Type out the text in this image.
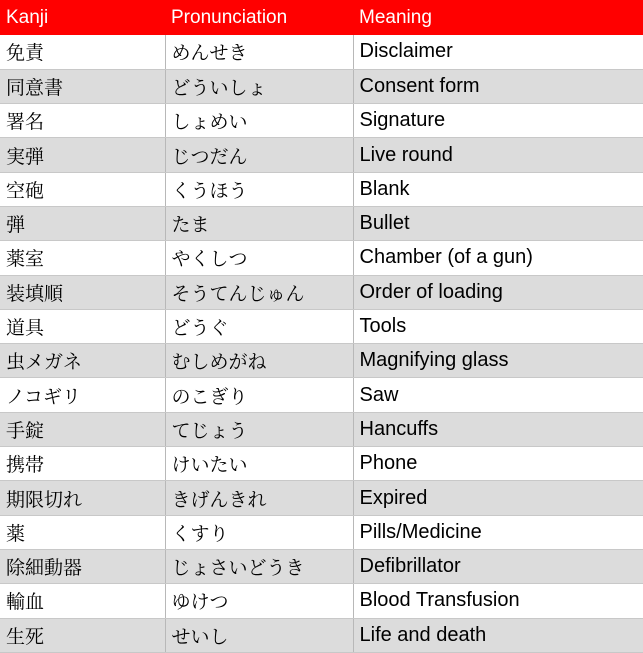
Kanji	Pronunciation	Meaning
免責	めんせき	Disclaimer
同意書	どういしょ	Consent form
署名	しょめい	Signature
実弾	じつだん	Live round
空砲	くうほう	Blank
弾	たま	Bullet
薬室	やくしつ	Chamber (of a gun)
装填順	そうてんじゅん	Order of loading
道具	どうぐ	Tools
虫メガネ	むしめがね	Magnifying glass
ノコギリ	のこぎり	Saw
手錠	てじょう	Hancuffs
携帯	けいたい	Phone
期限切れ	きげんきれ	Expired
薬	くすり	Pills/Medicine
除細動器	じょさいどうき	Defibrillator
輸血	ゆけつ	Blood Transfusion
生死	せいし	Life and death
